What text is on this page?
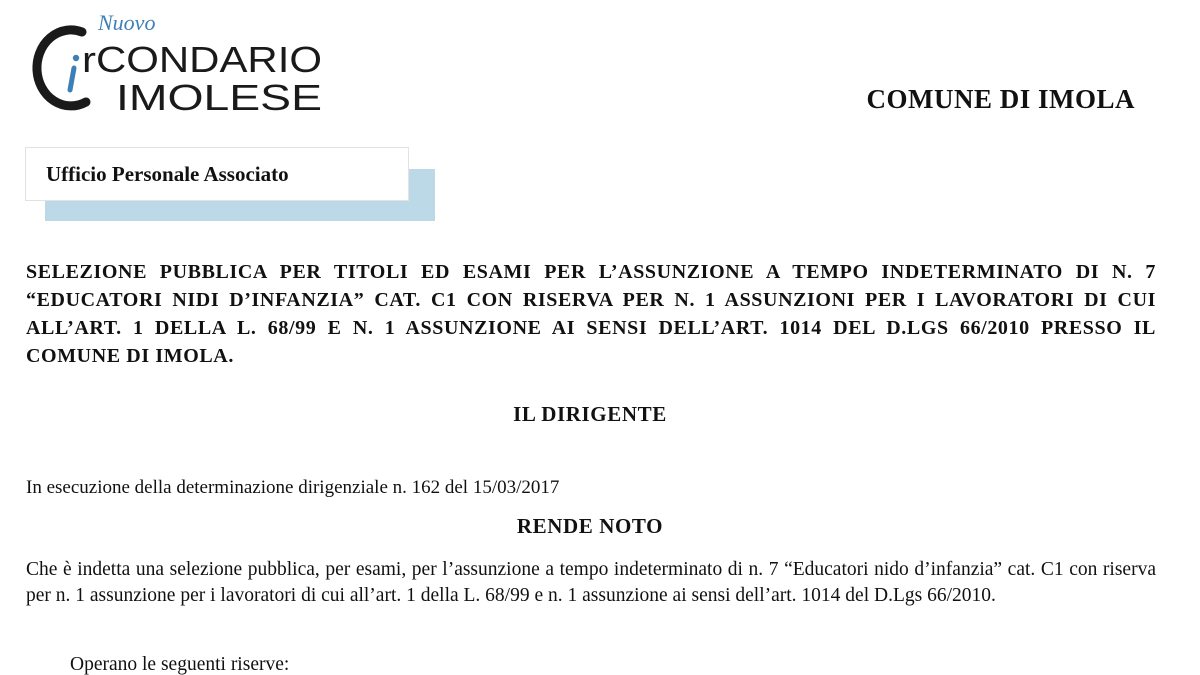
Nuovo
rCONDARIO
IMOLESE	COMUNE DI IMOLA
Ufficio Personale Associato

SELEZIONE PUBBLICA PER TITOLI ED ESAMI PER L’ASSUNZIONE A TEMPO INDETERMINATO DI N. 7 “EDUCATORI NIDI D’INFANZIA” CAT. C1 CON RISERVA PER N. 1 ASSUNZIONI PER I LAVORATORI DI CUI ALL’ART. 1 DELLA L. 68/99 E N. 1 ASSUNZIONE AI SENSI DELL’ART. 1014 DEL D.LGS 66/2010 PRESSO IL COMUNE DI IMOLA.

IL DIRIGENTE
In esecuzione della determinazione dirigenziale n. 162 del 15/03/2017
RENDE NOTO

Che è indetta una selezione pubblica, per esami, per l’assunzione a tempo indeterminato di n. 7 “Educatori nido d’infanzia” cat. C1 con riserva per n. 1 assunzione per i lavoratori di cui all’art. 1 della L. 68/99 e n. 1 assunzione ai sensi dell’art. 1014 del D.Lgs 66/2010.

Operano le seguenti riserve:
